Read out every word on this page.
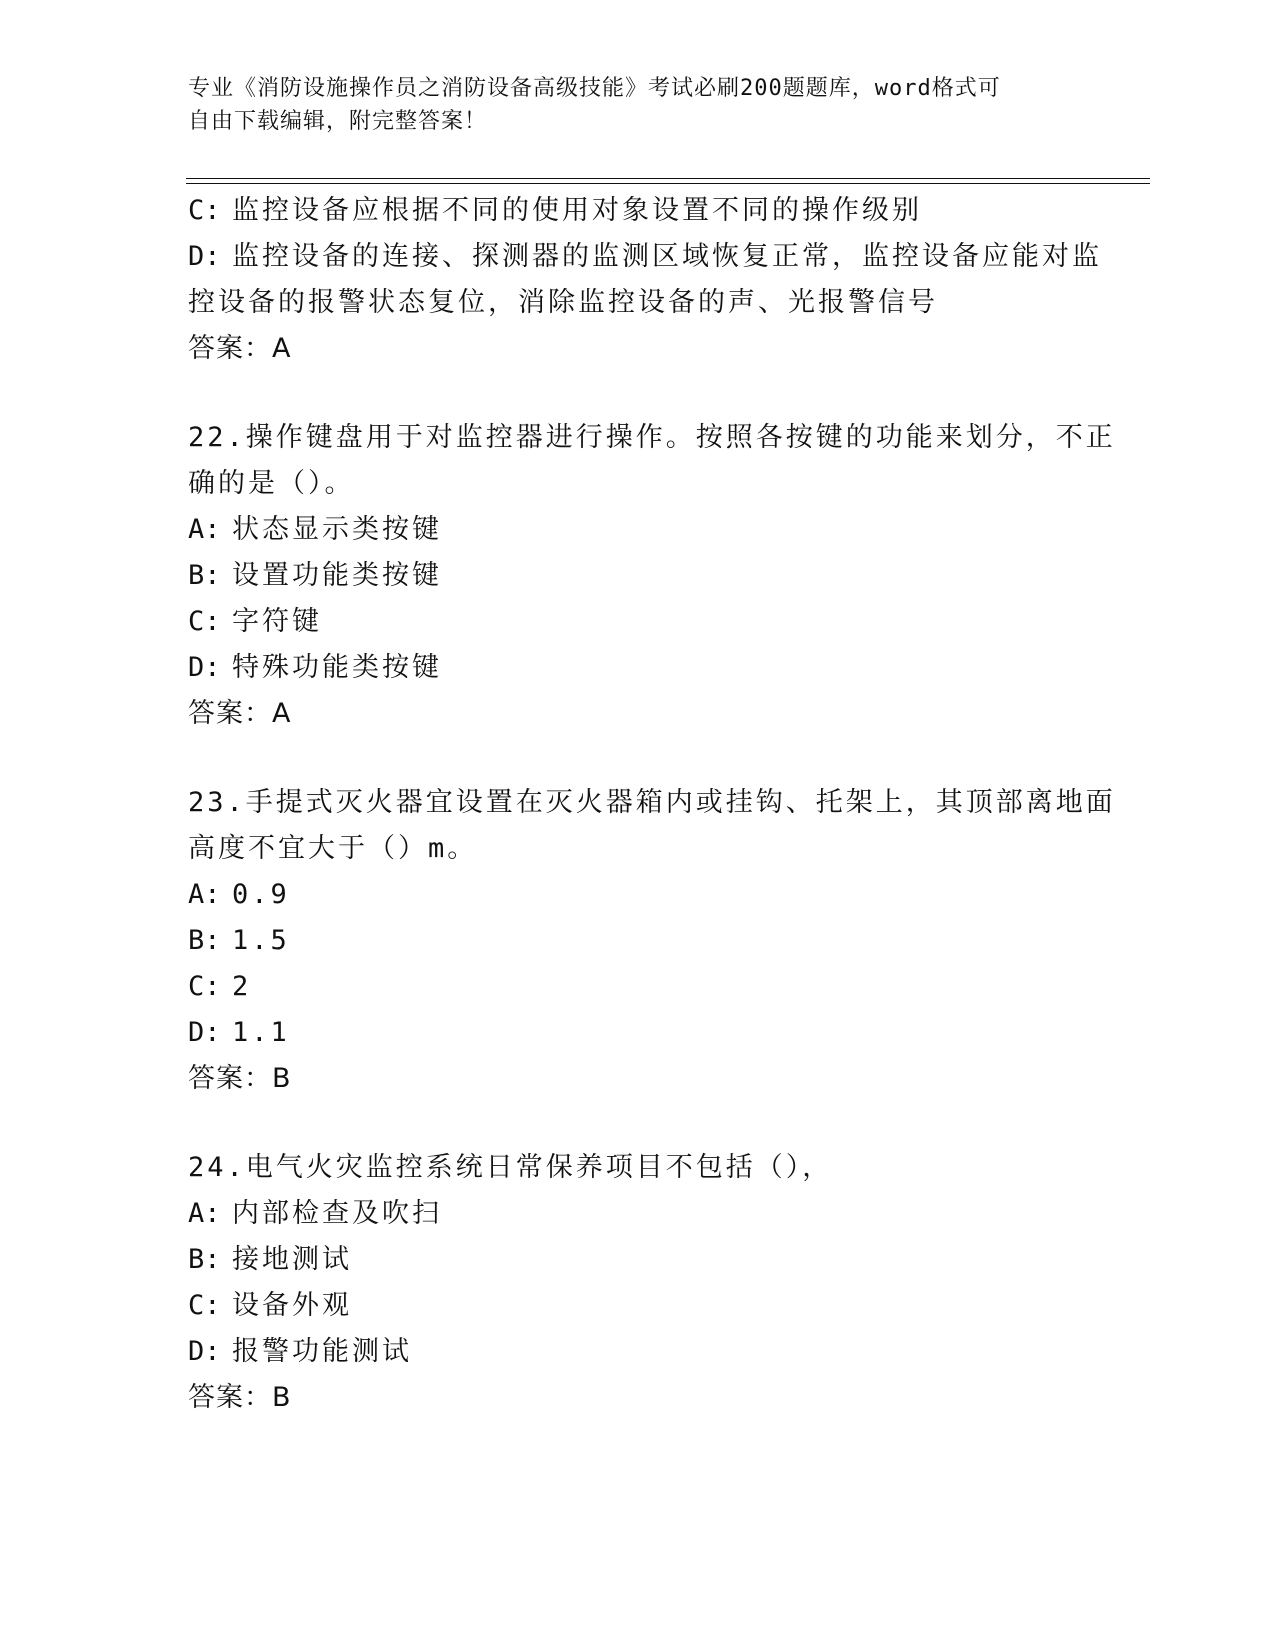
专业《消防设施操作员之消防设备高级技能》考试必刷200题题库，word格式可
自由下载编辑，附完整答案！
C: 监控设备应根据不同的使用对象设置不同的操作级别
D: 监控设备的连接、探测器的监测区域恢复正常，监控设备应能对监
控设备的报警状态复位，消除监控设备的声、光报警信号
答案：A
22.操作键盘用于对监控器进行操作。按照各按键的功能来划分，不正
确的是（）。
A: 状态显示类按键
B: 设置功能类按键
C: 字符键
D: 特殊功能类按键
答案：A
23.手提式灭火器宜设置在灭火器箱内或挂钩、托架上，其顶部离地面
高度不宜大于（）m。
A: 0.9
B: 1.5
C: 2
D: 1.1
答案：B
24.电气火灾监控系统日常保养项目不包括（），
A: 内部检查及吹扫
B: 接地测试
C: 设备外观
D: 报警功能测试
答案：B
